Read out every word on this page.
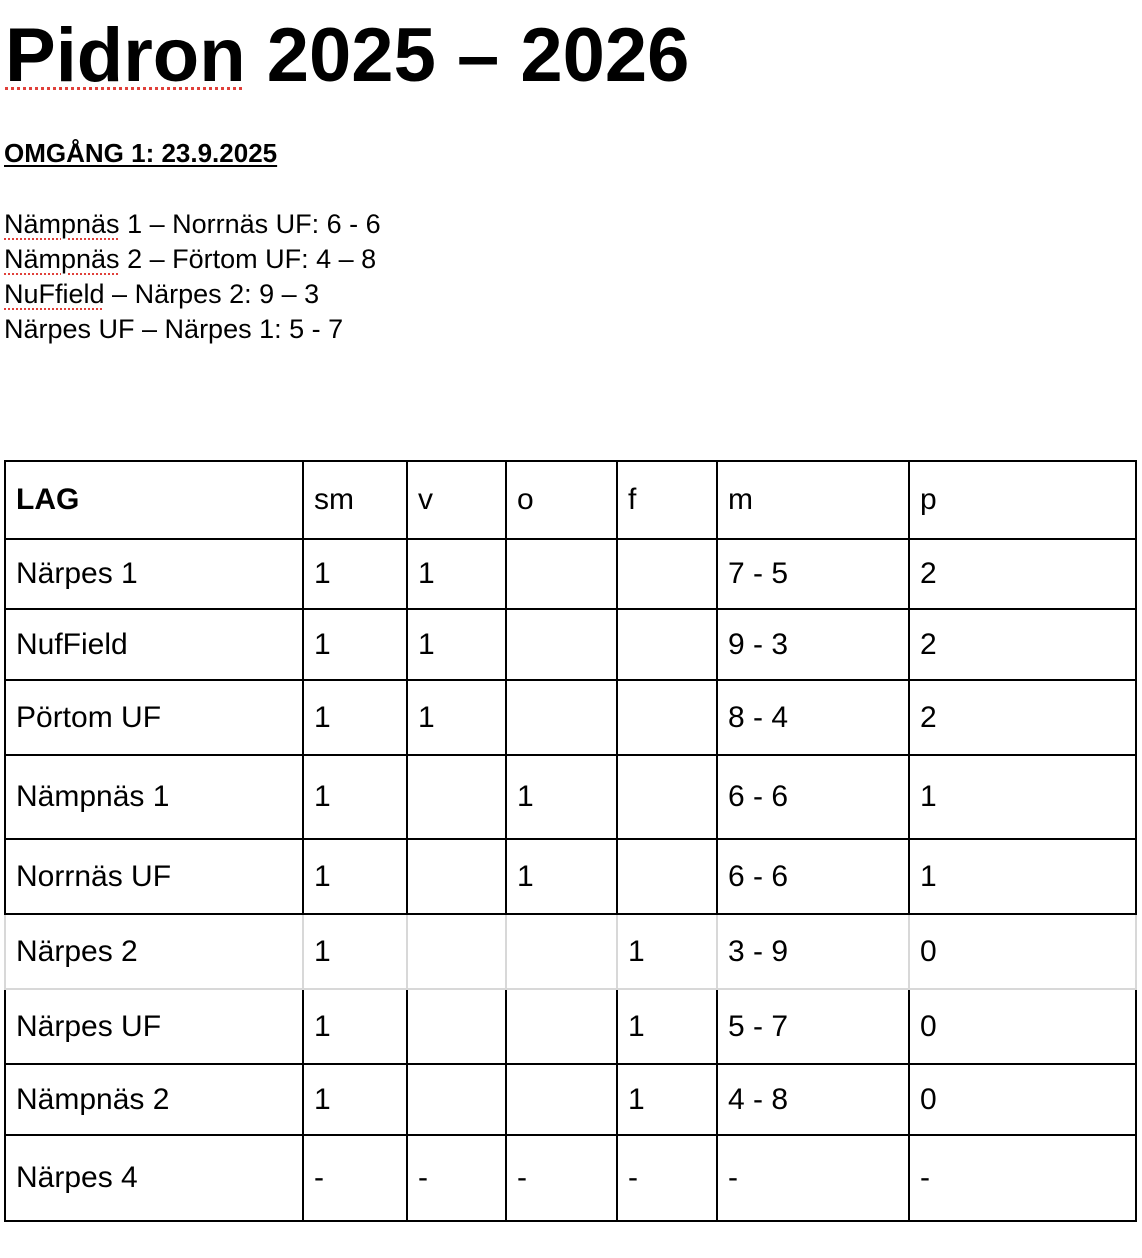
Pidron 2025 – 2026

OMGÅNG 1: 23.9.2025

Nämpnäs 1 – Norrnäs UF: 6 - 6
Nämpnäs 2 – Förtom UF: 4 – 8
NuFfield – Närpes 2: 9 – 3
Närpes UF – Närpes 1: 5 - 7
LAG	sm	v	o	f	m	p
Närpes 1	1	1			7 - 5	2
NufField	1	1			9 - 3	2
Pörtom UF	1	1			8 - 4	2
Nämpnäs 1	1		1		6 - 6	1
Norrnäs UF	1		1		6 - 6	1
Närpes 2	1			1	3 - 9	0
Närpes UF	1			1	5 - 7	0
Nämpnäs 2	1			1	4 - 8	0
Närpes 4	-	-	-	-	-	-
